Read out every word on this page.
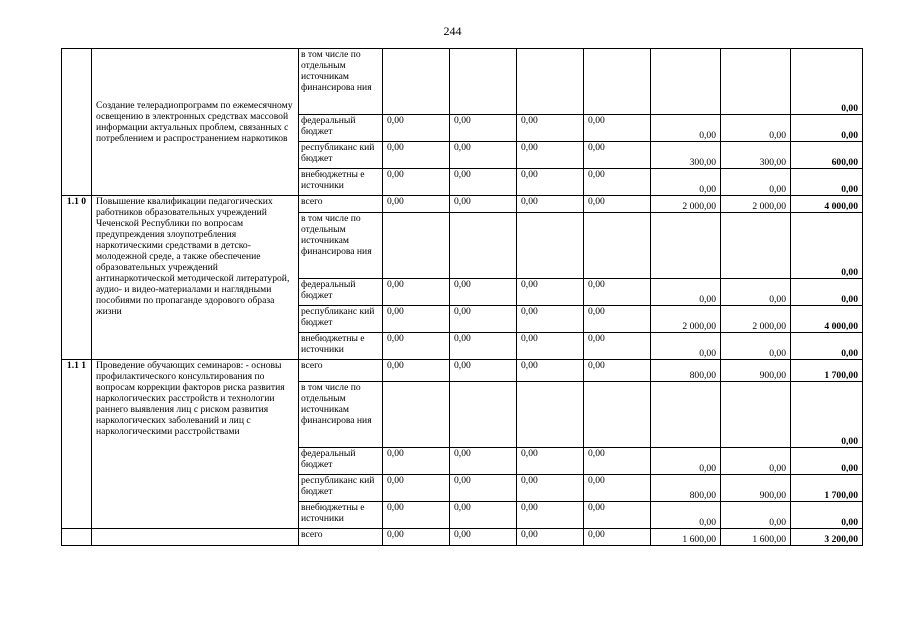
244
	Создание телерадиопрограмм по ежемесячному освещению в электронных средствах массовой информации актуальных проблем, связанных с потреблением и распространением наркотиков	в том числе по отдельным источникам финансирова ния							0,00
		федеральный бюджет	0,00	0,00	0,00	0,00	0,00	0,00	0,00
		республиканс кий бюджет	0,00	0,00	0,00	0,00	300,00	300,00	600,00
		внебюджетны е источники	0,00	0,00	0,00	0,00	0,00	0,00	0,00
1.1 0	Повышение квалификации педагогических работников образовательных учреждений Чеченской Республики по вопросам предупреждения злоупотребления наркотическими средствами в детско-молодежной среде, а также обеспечение образовательных учреждений антинаркотической методической литературой, аудио- и видео-материалами и наглядными пособиями по пропаганде здорового образа жизни	всего	0,00	0,00	0,00	0,00	2 000,00	2 000,00	4 000,00
		в том числе по отдельным источникам финансирова ния							0,00
		федеральный бюджет	0,00	0,00	0,00	0,00	0,00	0,00	0,00
		республиканс кий бюджет	0,00	0,00	0,00	0,00	2 000,00	2 000,00	4 000,00
		внебюджетны е источники	0,00	0,00	0,00	0,00	0,00	0,00	0,00
1.1 1	Проведение обучающих семинаров: - основы профилактического консультирования по вопросам коррекции факторов риска развития наркологических расстройств и технологии раннего выявления лиц с риском развития наркологических заболеваний и лиц с наркологическими расстройствами	всего	0,00	0,00	0,00	0,00	800,00	900,00	1 700,00
		в том числе по отдельным источникам финансирова ния							0,00
		федеральный бюджет	0,00	0,00	0,00	0,00	0,00	0,00	0,00
		республиканс кий бюджет	0,00	0,00	0,00	0,00	800,00	900,00	1 700,00
		внебюджетны е источники	0,00	0,00	0,00	0,00	0,00	0,00	0,00
		всего	0,00	0,00	0,00	0,00	1 600,00	1 600,00	3 200,00
